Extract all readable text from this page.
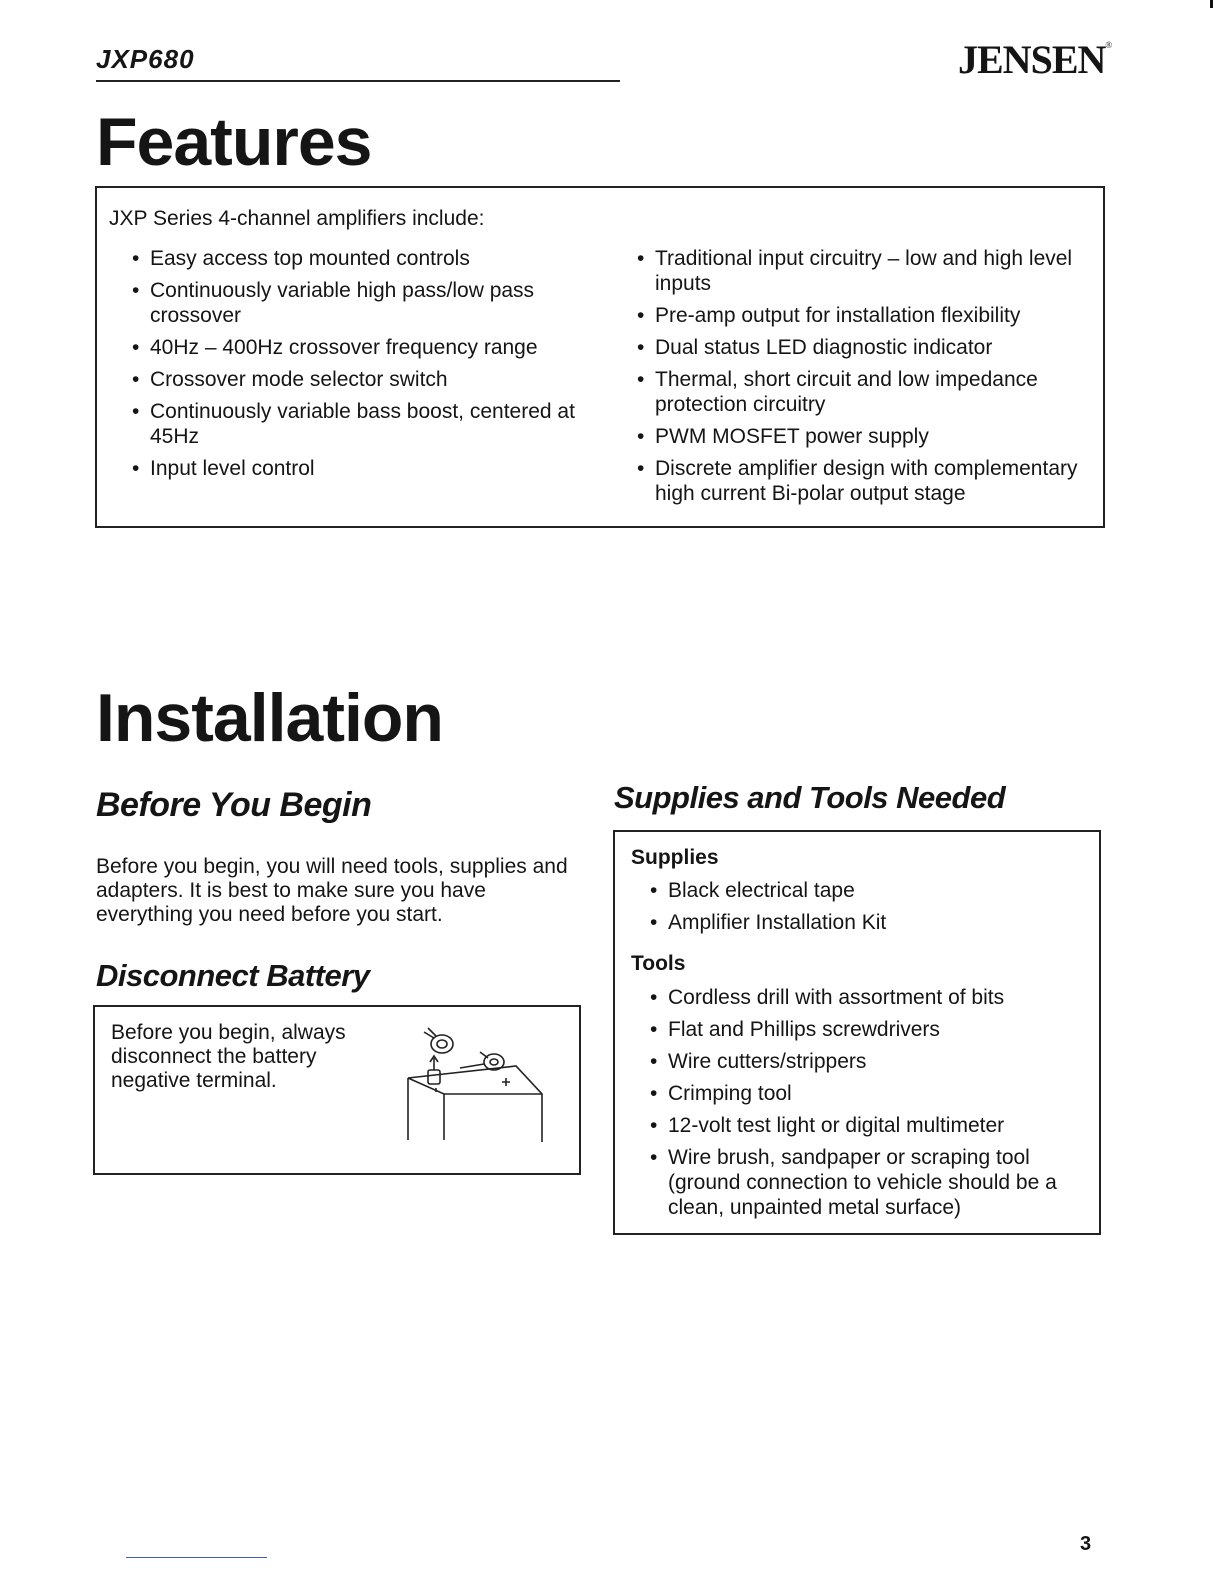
JXP680	JENSEN®
Features
JXP Series 4-channel amplifiers include:
• Easy access top mounted controls
• Continuously variable high pass/low pass crossover
• 40Hz – 400Hz crossover frequency range
• Crossover mode selector switch
• Continuously variable bass boost, centered at 45Hz
• Input level control
• Traditional input circuitry – low and high level inputs
• Pre-amp output for installation flexibility
• Dual status LED diagnostic indicator
• Thermal, short circuit and low impedance protection circuitry
• PWM MOSFET power supply
• Discrete amplifier design with complementary high current Bi-polar output stage
Installation
Before You Begin

Before you begin, you will need tools, supplies and adapters. It is best to make sure you have everything you need before you start.

Disconnect Battery

Before you begin, always disconnect the battery negative terminal.

Supplies and Tools Needed
Supplies
• Black electrical tape
• Amplifier Installation Kit
Tools
• Cordless drill with assortment of bits
• Flat and Phillips screwdrivers
• Wire cutters/strippers
• Crimping tool
• 12-volt test light or digital multimeter
• Wire brush, sandpaper or scraping tool (ground connection to vehicle should be a clean, unpainted metal surface)
3
